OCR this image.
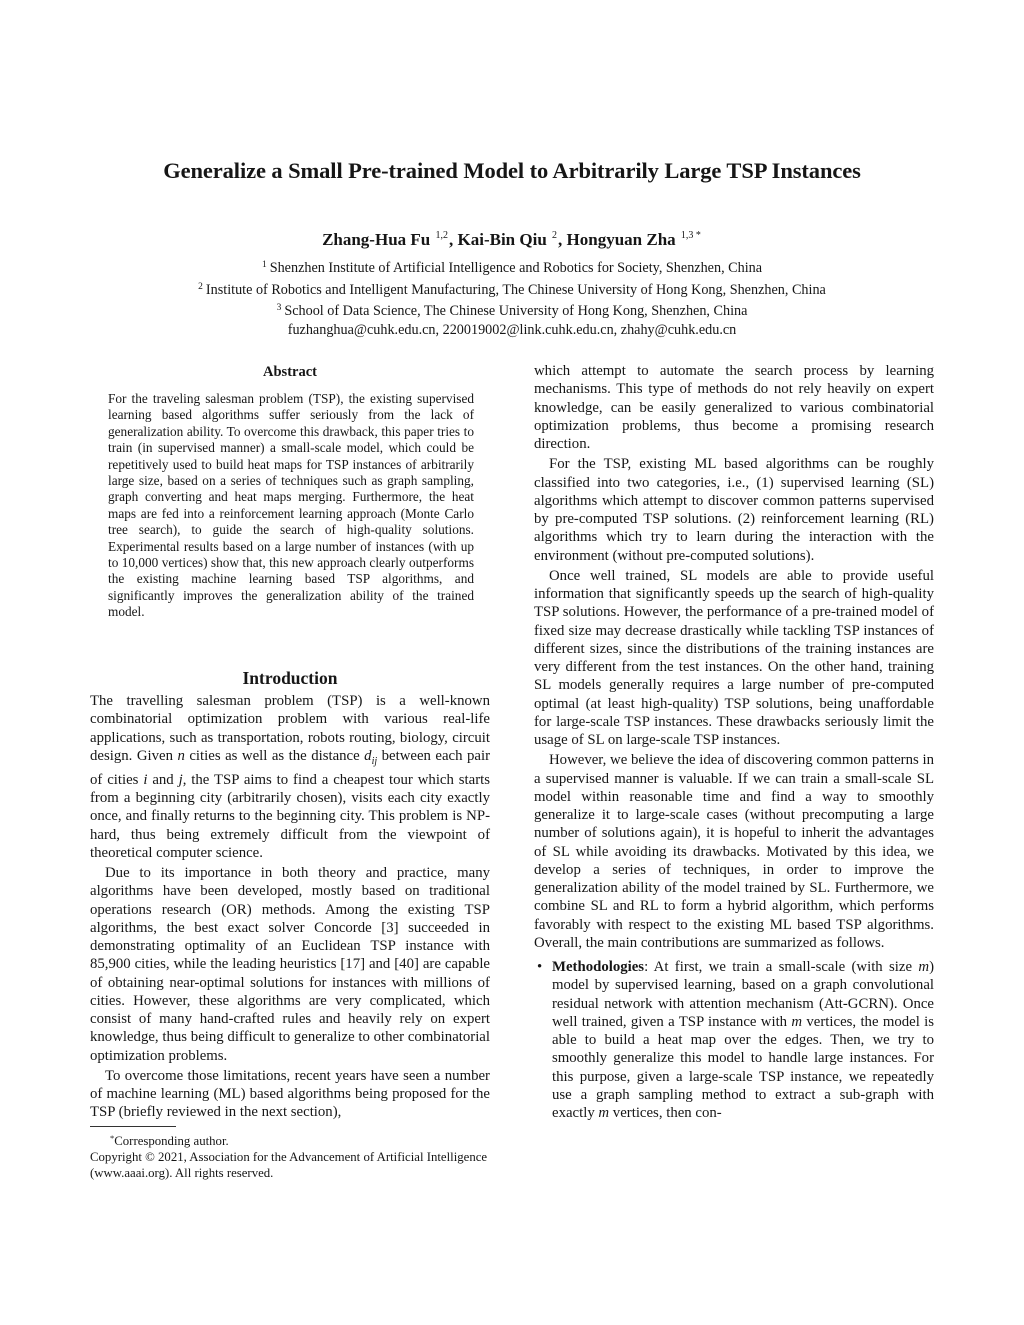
Generalize a Small Pre-trained Model to Arbitrarily Large TSP Instances
Zhang-Hua Fu $^{1,2}$, Kai-Bin Qiu $^2$, Hongyuan Zha $^{1,3 *}$
$^1$ Shenzhen Institute of Artificial Intelligence and Robotics for Society, Shenzhen, China
$^2$ Institute of Robotics and Intelligent Manufacturing, The Chinese University of Hong Kong, Shenzhen, China
$^3$ School of Data Science, The Chinese University of Hong Kong, Shenzhen, China
fuzhanghua@cuhk.edu.cn, 220019002@link.cuhk.edu.cn, zhahy@cuhk.edu.cn
Abstract

For the traveling salesman problem (TSP), the existing supervised learning based algorithms suffer seriously from the lack of generalization ability. To overcome this drawback, this paper tries to train (in supervised manner) a small-scale model, which could be repetitively used to build heat maps for TSP instances of arbitrarily large size, based on a series of techniques such as graph sampling, graph converting and heat maps merging. Furthermore, the heat maps are fed into a reinforcement learning approach (Monte Carlo tree search), to guide the search of high-quality solutions. Experimental results based on a large number of instances (with up to 10,000 vertices) show that, this new approach clearly outperforms the existing machine learning based TSP algorithms, and significantly improves the generalization ability of the trained model.

Introduction

The travelling salesman problem (TSP) is a well-known combinatorial optimization problem with various real-life applications, such as transportation, robots routing, biology, circuit design. Given n cities as well as the distance $d_{ij}$ between each pair of cities i and j, the TSP aims to find a cheapest tour which starts from a beginning city (arbitrarily chosen), visits each city exactly once, and finally returns to the beginning city. This problem is NP-hard, thus being extremely difficult from the viewpoint of theoretical computer science.

Due to its importance in both theory and practice, many algorithms have been developed, mostly based on traditional operations research (OR) methods. Among the existing TSP algorithms, the best exact solver Concorde [3] succeeded in demonstrating optimality of an Euclidean TSP instance with 85,900 cities, while the leading heuristics [17] and [40] are capable of obtaining near-optimal solutions for instances with millions of cities. However, these algorithms are very complicated, which consist of many hand-crafted rules and heavily rely on expert knowledge, thus being difficult to generalize to other combinatorial optimization problems.

To overcome those limitations, recent years have seen a number of machine learning (ML) based algorithms being proposed for the TSP (briefly reviewed in the next section),

which attempt to automate the search process by learning mechanisms. This type of methods do not rely heavily on expert knowledge, can be easily generalized to various combinatorial optimization problems, thus become a promising research direction.

For the TSP, existing ML based algorithms can be roughly classified into two categories, i.e., (1) supervised learning (SL) algorithms which attempt to discover common patterns supervised by pre-computed TSP solutions. (2) reinforcement learning (RL) algorithms which try to learn during the interaction with the environment (without pre-computed solutions).

Once well trained, SL models are able to provide useful information that significantly speeds up the search of high-quality TSP solutions. However, the performance of a pre-trained model of fixed size may decrease drastically while tackling TSP instances of different sizes, since the distributions of the training instances are very different from the test instances. On the other hand, training SL models generally requires a large number of pre-computed optimal (at least high-quality) TSP solutions, being unaffordable for large-scale TSP instances. These drawbacks seriously limit the usage of SL on large-scale TSP instances.

However, we believe the idea of discovering common patterns in a supervised manner is valuable. If we can train a small-scale SL model within reasonable time and find a way to smoothly generalize it to large-scale cases (without precomputing a large number of solutions again), it is hopeful to inherit the advantages of SL while avoiding its drawbacks. Motivated by this idea, we develop a series of techniques, in order to improve the generalization ability of the model trained by SL. Furthermore, we combine SL and RL to form a hybrid algorithm, which performs favorably with respect to the existing ML based TSP algorithms. Overall, the main contributions are summarized as follows.

• Methodologies: At first, we train a small-scale (with size m) model by supervised learning, based on a graph convolutional residual network with attention mechanism (Att-GCRN). Once well trained, given a TSP instance with m vertices, the model is able to build a heat map over the edges. Then, we try to smoothly generalize this model to handle large instances. For this purpose, given a large-scale TSP instance, we repeatedly use a graph sampling method to extract a sub-graph with exactly m vertices, then con-
*Corresponding author.
Copyright © 2021, Association for the Advancement of Artificial Intelligence (www.aaai.org). All rights reserved.
